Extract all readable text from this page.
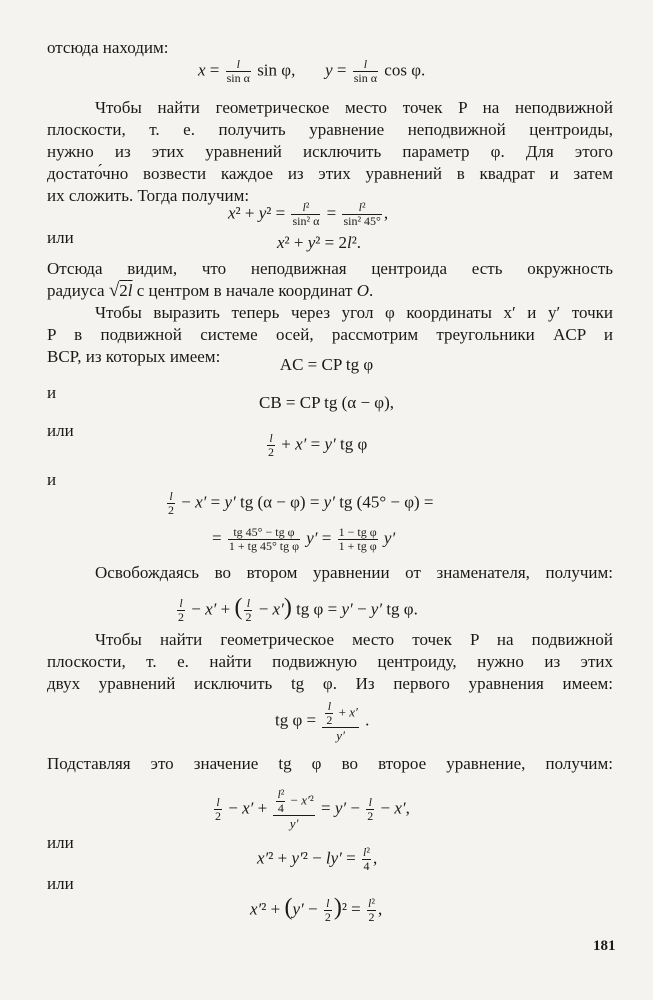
отсюда находим:
$x = \frac{l}{\text{sin α}}$ sin φ,       $y = \frac{l}{\text{sin α}}$ cos φ.
Чтобы найти геометрическое место точек P на неподвижной
плоскости, т. е. получить уравнение неподвижной центроиды,
нужно из этих уравнений исключить параметр φ. Для этого
достато́чно возвести каждое из этих уравнений в квадрат и затем
их сложить. Тогда получим:
$x^2 + y^2 = \frac{\text{l²}}{\text{sin² α}} = \frac{\text{l²}}{\text{sin² 45°}}$ ,
или	x² + y² = 2l².
Отсюда видим, что неподвижная центроида есть окружность
радиуса √2l с центром в начале координат O.
Чтобы выразить теперь через угол φ координаты x′ и y′ точки
P в подвижной системе осей, рассмотрим треугольники ACP и
BCP, из которых имеем:	AC = CP tg φ
и
CB = CP tg (α − φ),
или
$\frac{l}{2} + x' = y'$ tg φ
и
$\frac{l}{2} - x' = y'$ tg (α − φ) = y′ tg (45° − φ) =
= $\frac{\text{tg 45° − tg φ}}{\text{1 + tg 45° tg φ}} y' = \frac{\text{1 − tg φ}}{\text{1 + tg φ}} y'$
Освобождаясь во втором уравнении от знаменателя, получим:
$\frac{l}{2} - x'$ + ( $\frac{l}{2} - x'$) tg φ = y′ − y′ tg φ.
Чтобы найти геометрическое место точек P на подвижной
плоскости, т. е. найти подвижную центроиду, нужно из этих
двух уравнений исключить tg φ. Из первого уравнения имеем:
tg $\varphi = \frac{\frac{l}{2} + x'}{y'}$ .
Подставляя это значение tg φ во второе уравнение, получим:
$\frac{l}{2} - x' + \frac{\frac{\text{l²}}{4} - x'^2}{y'} = y' - \frac{l}{2} - x'$,
или
$x'^2 + y'^2 - ly' = \frac{\text{l²}}{4}$ ,
или
$x'^2 + (y' - \frac{l}{2} )^2 = \frac{\text{l²}}{2}$ ,
181
